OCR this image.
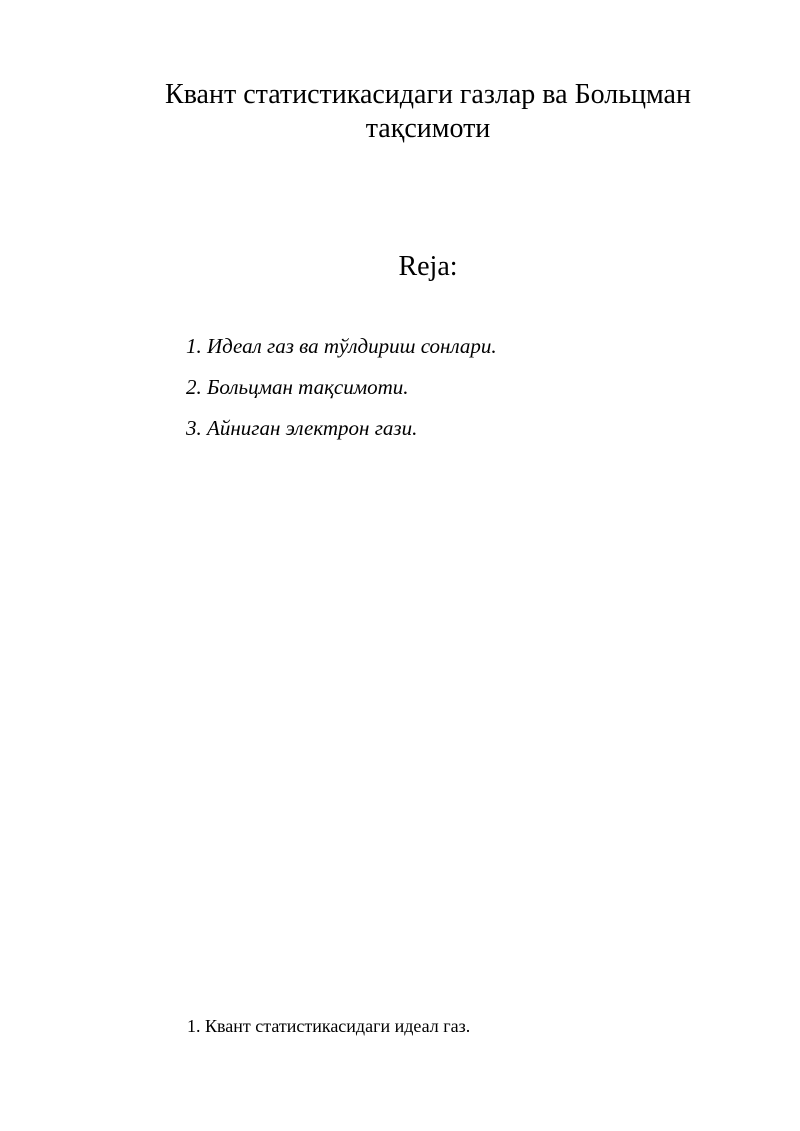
Квант статистикасидаги газлар ва Больцман тақсимоти
Reja:
1. Идеал газ ва тўлдириш сонлари.
2. Больцман тақсимоти.
3. Айниган электрон гази.
1. Квант статистикасидаги идеал газ.
